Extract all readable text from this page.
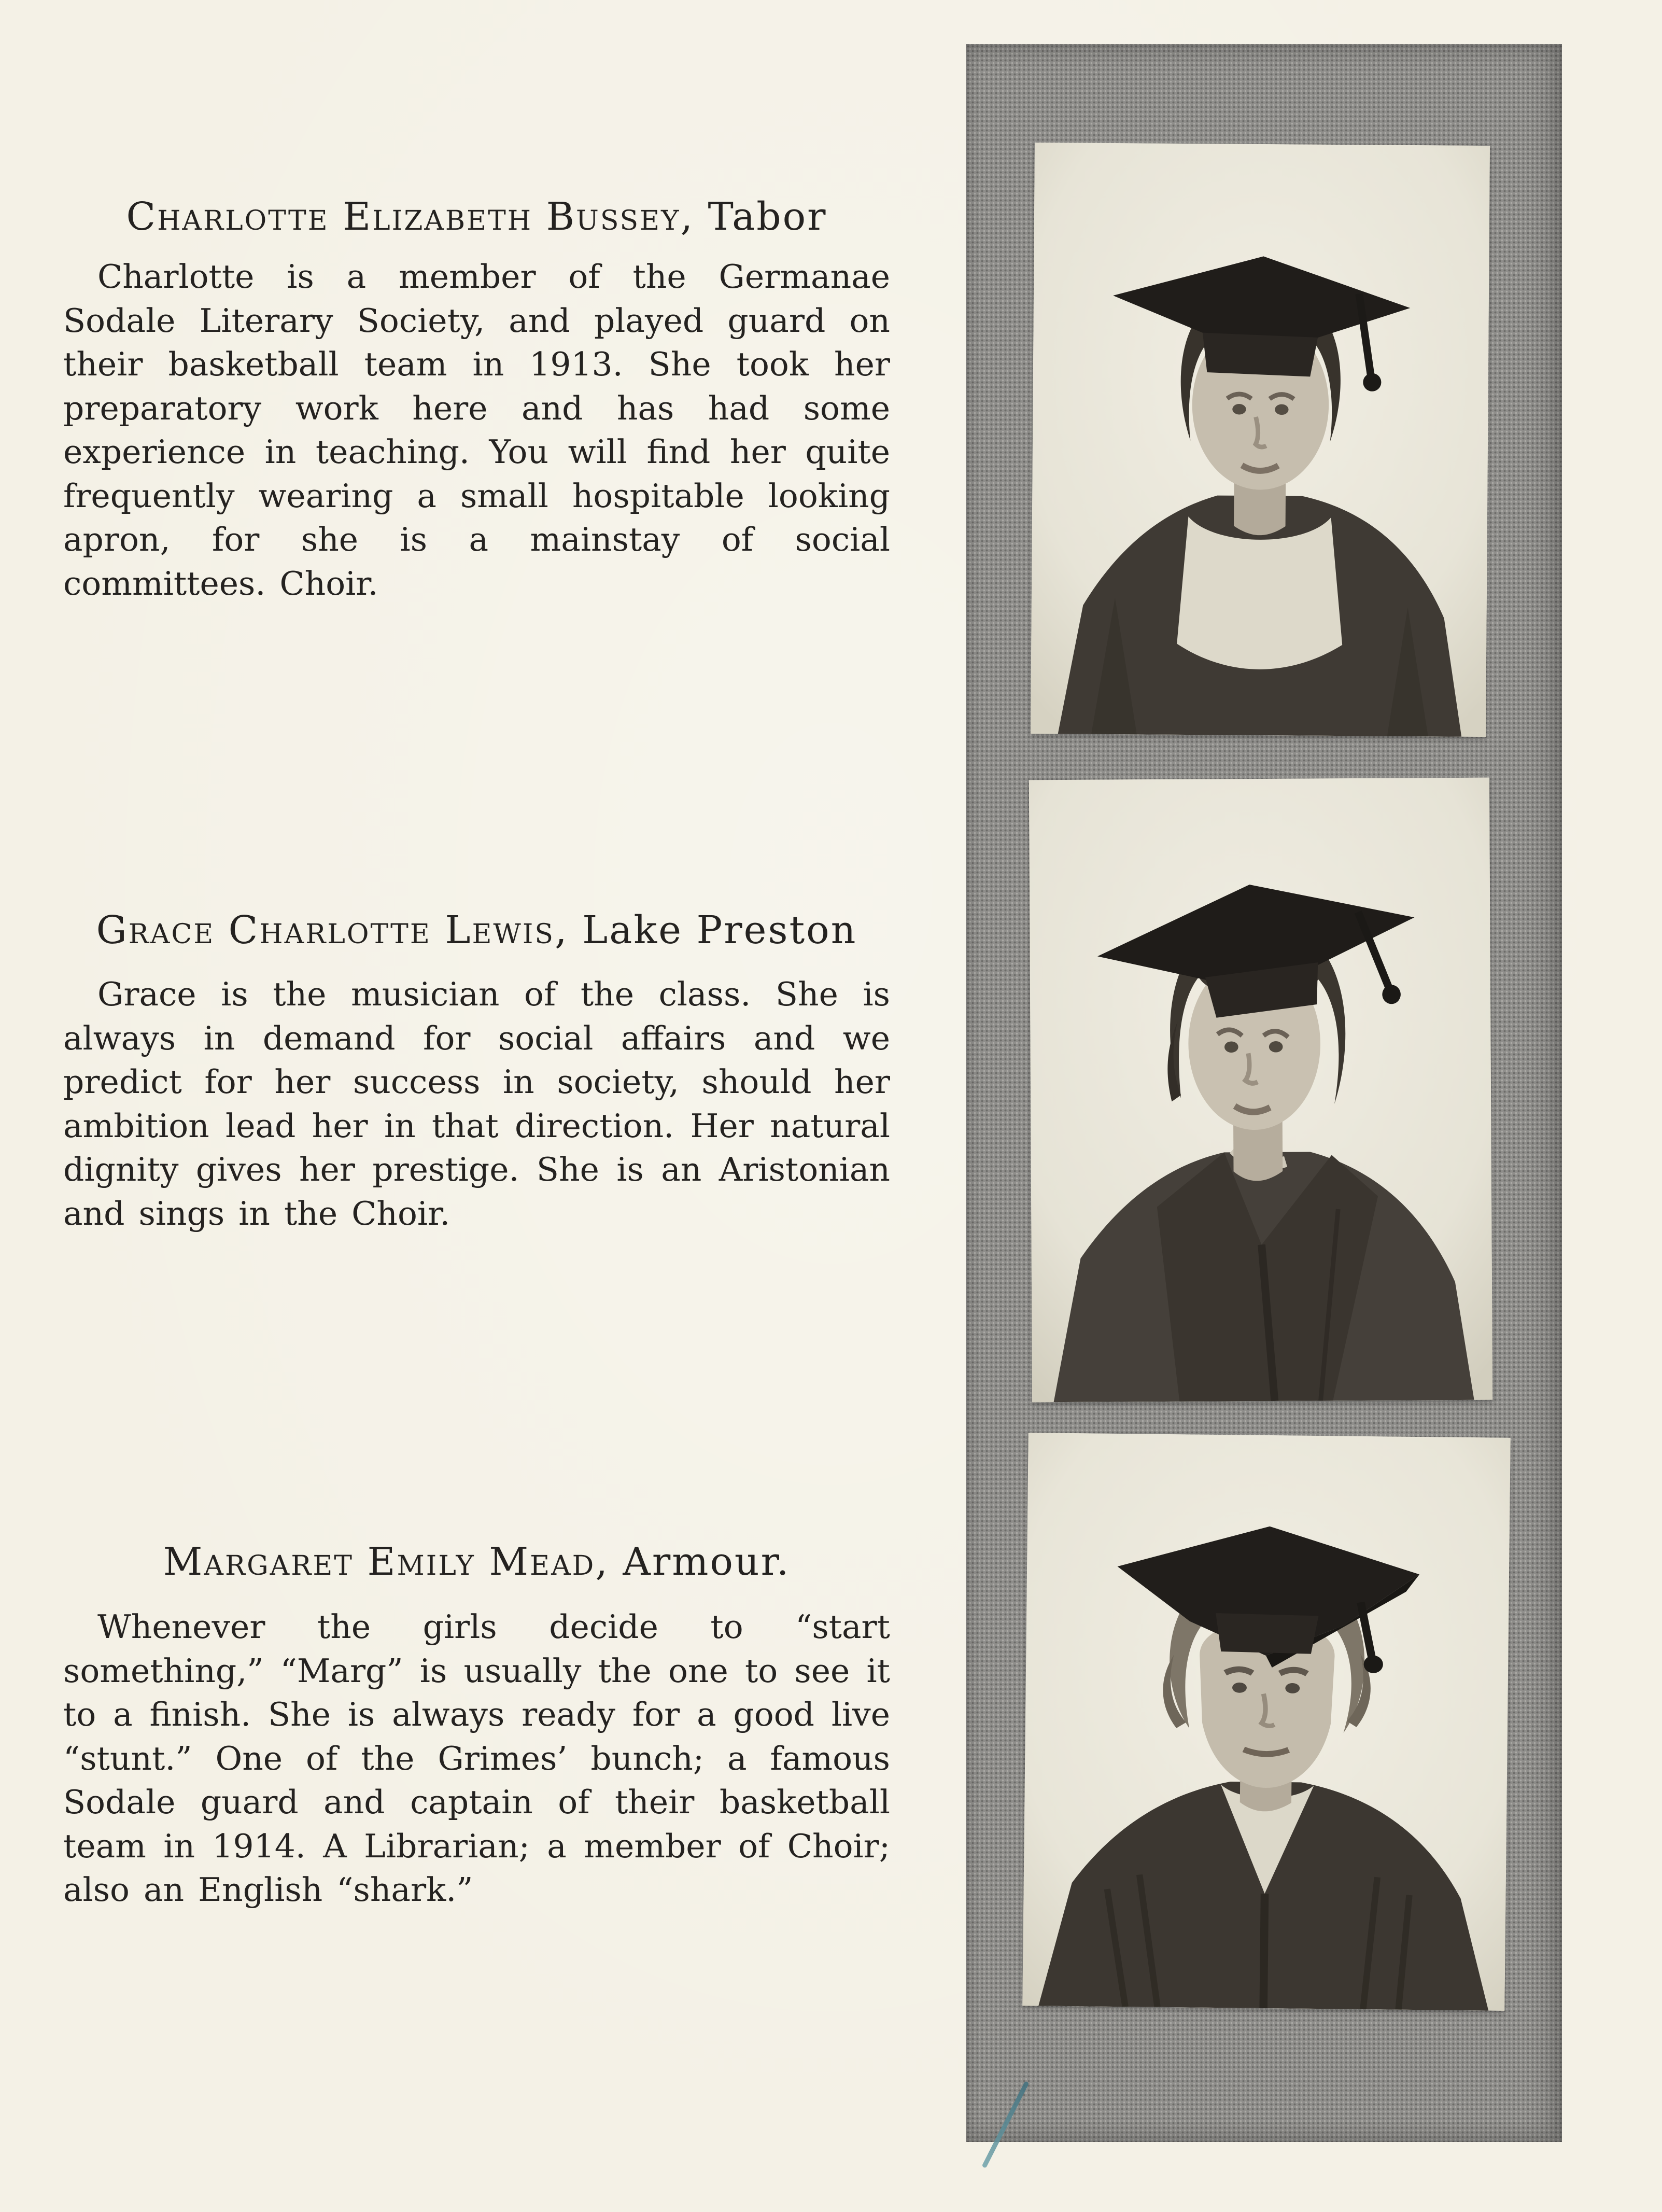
Charlotte Elizabeth Bussey, Tabor

Charlotte is a member of the Germanae Sodale Literary Society, and played guard on their basketball team in 1913. She took her preparatory work here and has had some experience in teaching. You will find her quite frequently wearing a small hospitable looking apron, for she is a mainstay of social committees. Choir.

Grace Charlotte Lewis, Lake Preston

Grace is the musician of the class. She is always in demand for social affairs and we predict for her success in society, should her ambition lead her in that direction. Her natural dignity gives her prestige. She is an Aristonian and sings in the Choir.

Margaret Emily Mead, Armour.

Whenever the girls decide to “start something,” “Marg” is usually the one to see it to a finish. She is always ready for a good live “stunt.” One of the Grimes’ bunch; a famous Sodale guard and captain of their basketball team in 1914. A Librarian; a member of Choir; also an English “shark.”
